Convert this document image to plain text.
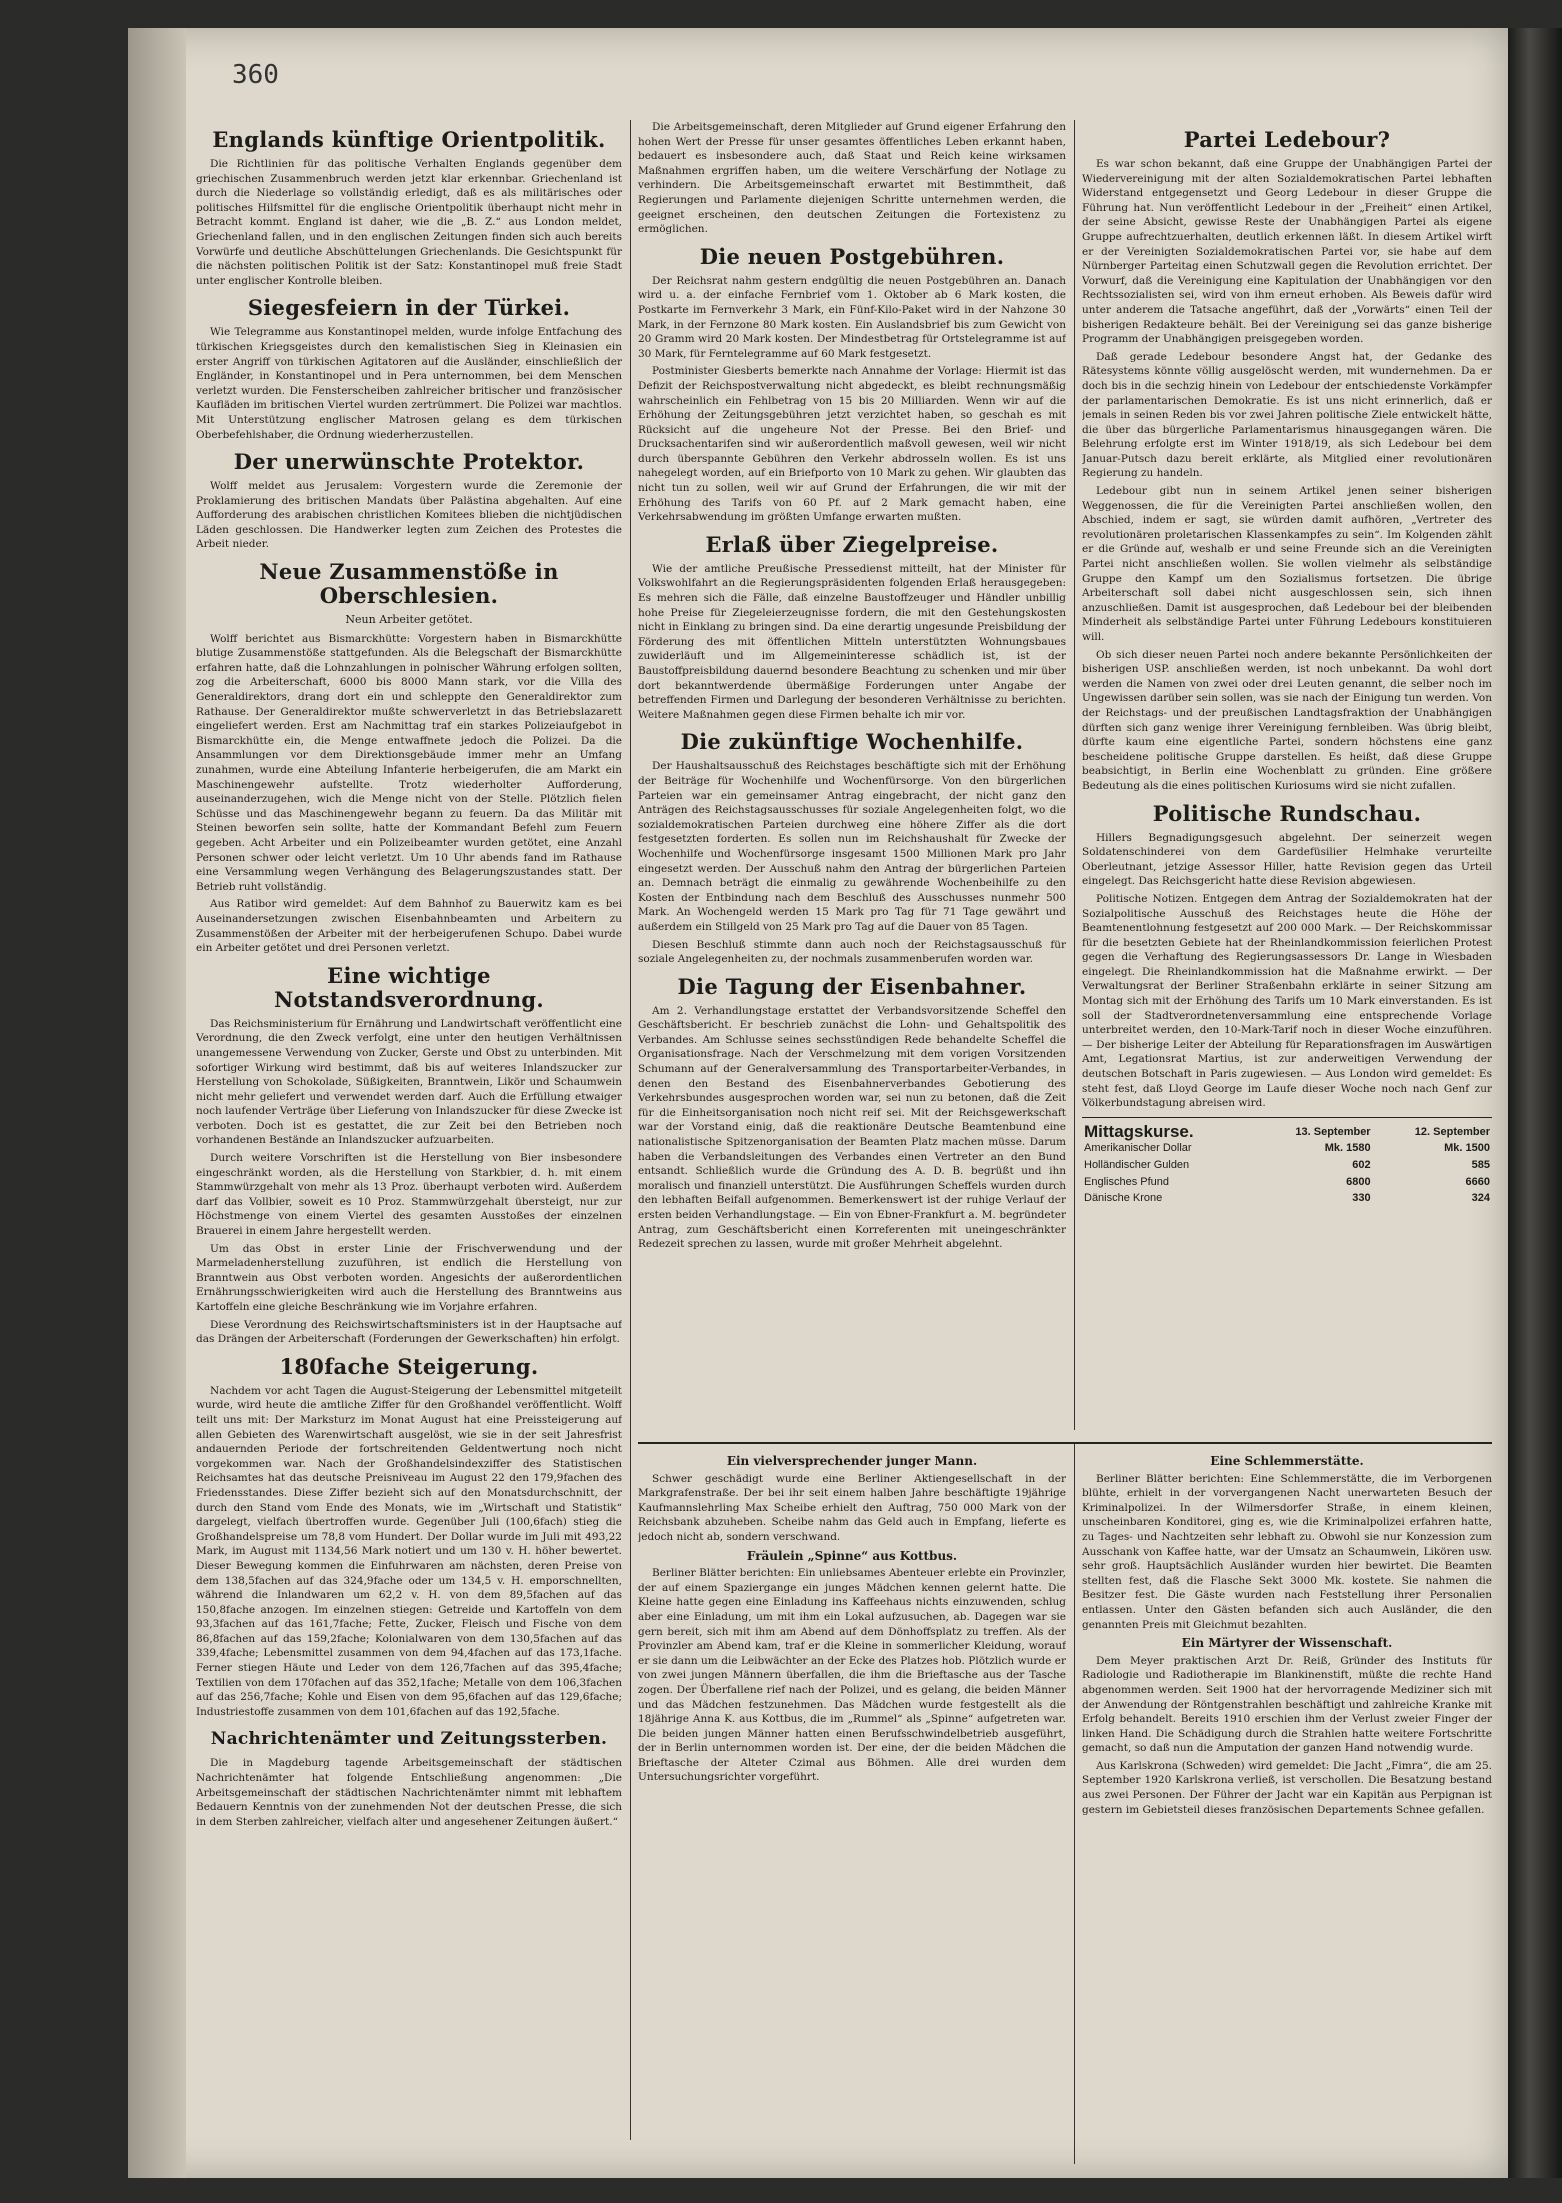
360
Englands künftige Orientpolitik.

Die Richtlinien für das politische Verhalten Englands gegenüber dem griechischen Zusammenbruch werden jetzt klar erkennbar. Griechenland ist durch die Niederlage so vollständig erledigt, daß es als militärisches oder politisches Hilfsmittel für die englische Orientpolitik überhaupt nicht mehr in Betracht kommt. England ist daher, wie die „B. Z.“ aus London meldet, Griechenland fallen, und in den englischen Zeitungen finden sich auch bereits Vorwürfe und deutliche Abschüttelungen Griechenlands. Die Gesichtspunkt für die nächsten politischen Politik ist der Satz: Konstantinopel muß freie Stadt unter englischer Kontrolle bleiben.

Siegesfeiern in der Türkei.

Wie Telegramme aus Konstantinopel melden, wurde infolge Entfachung des türkischen Kriegsgeistes durch den kemalistischen Sieg in Kleinasien ein erster Angriff von türkischen Agitatoren auf die Ausländer, einschließlich der Engländer, in Konstantinopel und in Pera unternommen, bei dem Menschen verletzt wurden. Die Fensterscheiben zahlreicher britischer und französischer Kaufläden im britischen Viertel wurden zertrümmert. Die Polizei war machtlos. Mit Unterstützung englischer Matrosen gelang es dem türkischen Oberbefehlshaber, die Ordnung wiederherzustellen.

Der unerwünschte Protektor.

Wolff meldet aus Jerusalem: Vorgestern wurde die Zeremonie der Proklamierung des britischen Mandats über Palästina abgehalten. Auf eine Aufforderung des arabischen christlichen Komitees blieben die nichtjüdischen Läden geschlossen. Die Handwerker legten zum Zeichen des Protestes die Arbeit nieder.

Neue Zusammenstöße in Oberschlesien.
Neun Arbeiter getötet.

Wolff berichtet aus Bismarckhütte: Vorgestern haben in Bismarckhütte blutige Zusammenstöße stattgefunden. Als die Belegschaft der Bismarckhütte erfahren hatte, daß die Lohnzahlungen in polnischer Währung erfolgen sollten, zog die Arbeiterschaft, 6000 bis 8000 Mann stark, vor die Villa des Generaldirektors, drang dort ein und schleppte den Generaldirektor zum Rathause. Der Generaldirektor mußte schwerverletzt in das Betriebslazarett eingeliefert werden. Erst am Nachmittag traf ein starkes Polizeiaufgebot in Bismarckhütte ein, die Menge entwaffnete jedoch die Polizei. Da die Ansammlungen vor dem Direktionsgebäude immer mehr an Umfang zunahmen, wurde eine Abteilung Infanterie herbeigerufen, die am Markt ein Maschinengewehr aufstellte. Trotz wiederholter Aufforderung, auseinanderzugehen, wich die Menge nicht von der Stelle. Plötzlich fielen Schüsse und das Maschinengewehr begann zu feuern. Da das Militär mit Steinen beworfen sein sollte, hatte der Kommandant Befehl zum Feuern gegeben. Acht Arbeiter und ein Polizeibeamter wurden getötet, eine Anzahl Personen schwer oder leicht verletzt. Um 10 Uhr abends fand im Rathause eine Versammlung wegen Verhängung des Belagerungszustandes statt. Der Betrieb ruht vollständig.

Aus Ratibor wird gemeldet: Auf dem Bahnhof zu Bauerwitz kam es bei Auseinandersetzungen zwischen Eisenbahnbeamten und Arbeitern zu Zusammenstößen der Arbeiter mit der herbeigerufenen Schupo. Dabei wurde ein Arbeiter getötet und drei Personen verletzt.

Eine wichtige Notstandsverordnung.

Das Reichsministerium für Ernährung und Landwirtschaft veröffentlicht eine Verordnung, die den Zweck verfolgt, eine unter den heutigen Verhältnissen unangemessene Verwendung von Zucker, Gerste und Obst zu unterbinden. Mit sofortiger Wirkung wird bestimmt, daß bis auf weiteres Inlandszucker zur Herstellung von Schokolade, Süßigkeiten, Branntwein, Likör und Schaumwein nicht mehr geliefert und verwendet werden darf. Auch die Erfüllung etwaiger noch laufender Verträge über Lieferung von Inlandszucker für diese Zwecke ist verboten. Doch ist es gestattet, die zur Zeit bei den Betrieben noch vorhandenen Bestände an Inlandszucker aufzuarbeiten.

Durch weitere Vorschriften ist die Herstellung von Bier insbesondere eingeschränkt worden, als die Herstellung von Starkbier, d. h. mit einem Stammwürzgehalt von mehr als 13 Proz. überhaupt verboten wird. Außerdem darf das Vollbier, soweit es 10 Proz. Stammwürzgehalt übersteigt, nur zur Höchstmenge von einem Viertel des gesamten Ausstoßes der einzelnen Brauerei in einem Jahre hergestellt werden.

Um das Obst in erster Linie der Frischverwendung und der Marmeladenherstellung zuzuführen, ist endlich die Herstellung von Branntwein aus Obst verboten worden. Angesichts der außerordentlichen Ernährungsschwierigkeiten wird auch die Herstellung des Branntweins aus Kartoffeln eine gleiche Beschränkung wie im Vorjahre erfahren.

Diese Verordnung des Reichswirtschaftsministers ist in der Hauptsache auf das Drängen der Arbeiterschaft (Forderungen der Gewerkschaften) hin erfolgt.

180fache Steigerung.

Nachdem vor acht Tagen die August-Steigerung der Lebensmittel mitgeteilt wurde, wird heute die amtliche Ziffer für den Großhandel veröffentlicht. Wolff teilt uns mit: Der Marksturz im Monat August hat eine Preissteigerung auf allen Gebieten des Warenwirtschaft ausgelöst, wie sie in der seit Jahresfrist andauernden Periode der fortschreitenden Geldentwertung noch nicht vorgekommen war. Nach der Großhandelsindexziffer des Statistischen Reichsamtes hat das deutsche Preisniveau im August 22 den 179,9fachen des Friedensstandes. Diese Ziffer bezieht sich auf den Monatsdurchschnitt, der durch den Stand vom Ende des Monats, wie im „Wirtschaft und Statistik“ dargelegt, vielfach übertroffen wurde. Gegenüber Juli (100,6fach) stieg die Großhandelspreise um 78,8 vom Hundert. Der Dollar wurde im Juli mit 493,22 Mark, im August mit 1134,56 Mark notiert und um 130 v. H. höher bewertet. Dieser Bewegung kommen die Einfuhrwaren am nächsten, deren Preise von dem 138,5fachen auf das 324,9fache oder um 134,5 v. H. emporschnellten, während die Inlandwaren um 62,2 v. H. von dem 89,5fachen auf das 150,8fache anzogen. Im einzelnen stiegen: Getreide und Kartoffeln von dem 93,3fachen auf das 161,7fache; Fette, Zucker, Fleisch und Fische von dem 86,8fachen auf das 159,2fache; Kolonialwaren von dem 130,5fachen auf das 339,4fache; Lebensmittel zusammen von dem 94,4fachen auf das 173,1fache. Ferner stiegen Häute und Leder von dem 126,7fachen auf das 395,4fache; Textilien von dem 170fachen auf das 352,1fache; Metalle von dem 106,3fachen auf das 256,7fache; Kohle und Eisen von dem 95,6fachen auf das 129,6fache; Industriestoffe zusammen von dem 101,6fachen auf das 192,5fache.

Nachrichtenämter und Zeitungssterben.

Die in Magdeburg tagende Arbeitsgemeinschaft der städtischen Nachrichtenämter hat folgende Entschließung angenommen: „Die Arbeitsgemeinschaft der städtischen Nachrichtenämter nimmt mit lebhaftem Bedauern Kenntnis von der zunehmenden Not der deutschen Presse, die sich in dem Sterben zahlreicher, vielfach alter und angesehener Zeitungen äußert.“

Die Arbeitsgemeinschaft, deren Mitglieder auf Grund eigener Erfahrung den hohen Wert der Presse für unser gesamtes öffentliches Leben erkannt haben, bedauert es insbesondere auch, daß Staat und Reich keine wirksamen Maßnahmen ergriffen haben, um die weitere Verschärfung der Notlage zu verhindern. Die Arbeitsgemeinschaft erwartet mit Bestimmtheit, daß Regierungen und Parlamente diejenigen Schritte unternehmen werden, die geeignet erscheinen, den deutschen Zeitungen die Fortexistenz zu ermöglichen.

Die neuen Postgebühren.

Der Reichsrat nahm gestern endgültig die neuen Postgebühren an. Danach wird u. a. der einfache Fernbrief vom 1. Oktober ab 6 Mark kosten, die Postkarte im Fernverkehr 3 Mark, ein Fünf-Kilo-Paket wird in der Nahzone 30 Mark, in der Fernzone 80 Mark kosten. Ein Auslandsbrief bis zum Gewicht von 20 Gramm wird 20 Mark kosten. Der Mindestbetrag für Ortstelegramme ist auf 30 Mark, für Ferntelegramme auf 60 Mark festgesetzt.

Postminister Giesberts bemerkte nach Annahme der Vorlage: Hiermit ist das Defizit der Reichspostverwaltung nicht abgedeckt, es bleibt rechnungsmäßig wahrscheinlich ein Fehlbetrag von 15 bis 20 Milliarden. Wenn wir auf die Erhöhung der Zeitungsgebühren jetzt verzichtet haben, so geschah es mit Rücksicht auf die ungeheure Not der Presse. Bei den Brief- und Drucksachentarifen sind wir außerordentlich maßvoll gewesen, weil wir nicht durch überspannte Gebühren den Verkehr abdrosseln wollen. Es ist uns nahegelegt worden, auf ein Briefporto von 10 Mark zu gehen. Wir glaubten das nicht tun zu sollen, weil wir auf Grund der Erfahrungen, die wir mit der Erhöhung des Tarifs von 60 Pf. auf 2 Mark gemacht haben, eine Verkehrsabwendung im größten Umfange erwarten mußten.

Erlaß über Ziegelpreise.

Wie der amtliche Preußische Pressedienst mitteilt, hat der Minister für Volkswohlfahrt an die Regierungspräsidenten folgenden Erlaß herausgegeben: Es mehren sich die Fälle, daß einzelne Baustoffzeuger und Händler unbillig hohe Preise für Ziegeleierzeugnisse fordern, die mit den Gestehungskosten nicht in Einklang zu bringen sind. Da eine derartig ungesunde Preisbildung der Förderung des mit öffentlichen Mitteln unterstützten Wohnungsbaues zuwiderläuft und im Allgemeininteresse schädlich ist, ist der Baustoffpreisbildung dauernd besondere Beachtung zu schenken und mir über dort bekanntwerdende übermäßige Forderungen unter Angabe der betreffenden Firmen und Darlegung der besonderen Verhältnisse zu berichten. Weitere Maßnahmen gegen diese Firmen behalte ich mir vor.

Die zukünftige Wochenhilfe.

Der Haushaltsausschuß des Reichstages beschäftigte sich mit der Erhöhung der Beiträge für Wochenhilfe und Wochenfürsorge. Von den bürgerlichen Parteien war ein gemeinsamer Antrag eingebracht, der nicht ganz den Anträgen des Reichstagsausschusses für soziale Angelegenheiten folgt, wo die sozialdemokratischen Parteien durchweg eine höhere Ziffer als die dort festgesetzten forderten. Es sollen nun im Reichshaushalt für Zwecke der Wochenhilfe und Wochenfürsorge insgesamt 1500 Millionen Mark pro Jahr eingesetzt werden. Der Ausschuß nahm den Antrag der bürgerlichen Parteien an. Demnach beträgt die einmalig zu gewährende Wochenbeihilfe zu den Kosten der Entbindung nach dem Beschluß des Ausschusses nunmehr 500 Mark. An Wochengeld werden 15 Mark pro Tag für 71 Tage gewährt und außerdem ein Stillgeld von 25 Mark pro Tag auf die Dauer von 85 Tagen.

Diesen Beschluß stimmte dann auch noch der Reichstagsausschuß für soziale Angelegenheiten zu, der nochmals zusammenberufen worden war.

Die Tagung der Eisenbahner.

Am 2. Verhandlungstage erstattet der Verbandsvorsitzende Scheffel den Geschäftsbericht. Er beschrieb zunächst die Lohn- und Gehaltspolitik des Verbandes. Am Schlusse seines sechsstündigen Rede behandelte Scheffel die Organisationsfrage. Nach der Verschmelzung mit dem vorigen Vorsitzenden Schumann auf der Generalversammlung des Transportarbeiter-Verbandes, in denen den Bestand des Eisenbahnerverbandes Gebotierung des Verkehrsbundes ausgesprochen worden war, sei nun zu betonen, daß die Zeit für die Einheitsorganisation noch nicht reif sei. Mit der Reichsgewerkschaft war der Vorstand einig, daß die reaktionäre Deutsche Beamtenbund eine nationalistische Spitzenorganisation der Beamten Platz machen müsse. Darum haben die Verbandsleitungen des Verbandes einen Vertreter an den Bund entsandt. Schließlich wurde die Gründung des A. D. B. begrüßt und ihn moralisch und finanziell unterstützt. Die Ausführungen Scheffels wurden durch den lebhaften Beifall aufgenommen. Bemerkenswert ist der ruhige Verlauf der ersten beiden Verhandlungstage. — Ein von Ebner-Frankfurt a. M. begründeter Antrag, zum Geschäftsbericht einen Korreferenten mit uneingeschränkter Redezeit sprechen zu lassen, wurde mit großer Mehrheit abgelehnt.

Partei Ledebour?

Es war schon bekannt, daß eine Gruppe der Unabhängigen Partei der Wiedervereinigung mit der alten Sozialdemokratischen Partei lebhaften Widerstand entgegensetzt und Georg Ledebour in dieser Gruppe die Führung hat. Nun veröffentlicht Ledebour in der „Freiheit“ einen Artikel, der seine Absicht, gewisse Reste der Unabhängigen Partei als eigene Gruppe aufrechtzuerhalten, deutlich erkennen läßt. In diesem Artikel wirft er der Vereinigten Sozialdemokratischen Partei vor, sie habe auf dem Nürnberger Parteitag einen Schutzwall gegen die Revolution errichtet. Der Vorwurf, daß die Vereinigung eine Kapitulation der Unabhängigen vor den Rechtssozialisten sei, wird von ihm erneut erhoben. Als Beweis dafür wird unter anderem die Tatsache angeführt, daß der „Vorwärts“ einen Teil der bisherigen Redakteure behält. Bei der Vereinigung sei das ganze bisherige Programm der Unabhängigen preisgegeben worden.

Daß gerade Ledebour besondere Angst hat, der Gedanke des Rätesystems könnte völlig ausgelöscht werden, mit wundernehmen. Da er doch bis in die sechzig hinein von Ledebour der entschiedenste Vorkämpfer der parlamentarischen Demokratie. Es ist uns nicht erinnerlich, daß er jemals in seinen Reden bis vor zwei Jahren politische Ziele entwickelt hätte, die über das bürgerliche Parlamentarismus hinausgegangen wären. Die Belehrung erfolgte erst im Winter 1918/19, als sich Ledebour bei dem Januar-Putsch dazu bereit erklärte, als Mitglied einer revolutionären Regierung zu handeln.

Ledebour gibt nun in seinem Artikel jenen seiner bisherigen Weggenossen, die für die Vereinigten Partei anschließen wollen, den Abschied, indem er sagt, sie würden damit aufhören, „Vertreter des revolutionären proletarischen Klassenkampfes zu sein“. Im Kolgenden zählt er die Gründe auf, weshalb er und seine Freunde sich an die Vereinigten Partei nicht anschließen wollen. Sie wollen vielmehr als selbständige Gruppe den Kampf um den Sozialismus fortsetzen. Die übrige Arbeiterschaft soll dabei nicht ausgeschlossen sein, sich ihnen anzuschließen. Damit ist ausgesprochen, daß Ledebour bei der bleibenden Minderheit als selbständige Partei unter Führung Ledebours konstituieren will.

Ob sich dieser neuen Partei noch andere bekannte Persönlichkeiten der bisherigen USP. anschließen werden, ist noch unbekannt. Da wohl dort werden die Namen von zwei oder drei Leuten genannt, die selber noch im Ungewissen darüber sein sollen, was sie nach der Einigung tun werden. Von der Reichstags- und der preußischen Landtagsfraktion der Unabhängigen dürften sich ganz wenige ihrer Vereinigung fernbleiben. Was übrig bleibt, dürfte kaum eine eigentliche Partei, sondern höchstens eine ganz bescheidene politische Gruppe darstellen. Es heißt, daß diese Gruppe beabsichtigt, in Berlin eine Wochenblatt zu gründen. Eine größere Bedeutung als die eines politischen Kuriosums wird sie nicht zufallen.

Politische Rundschau.

Hillers Begnadigungsgesuch abgelehnt. Der seinerzeit wegen Soldatenschinderei von dem Gardefüsilier Helmhake verurteilte Oberleutnant, jetzige Assessor Hiller, hatte Revision gegen das Urteil eingelegt. Das Reichsgericht hatte diese Revision abgewiesen.

Politische Notizen. Entgegen dem Antrag der Sozialdemokraten hat der Sozialpolitische Ausschuß des Reichstages heute die Höhe der Beamtenentlohnung festgesetzt auf 200 000 Mark. — Der Reichskommissar für die besetzten Gebiete hat der Rheinlandkommission feierlichen Protest gegen die Verhaftung des Regierungsassessors Dr. Lange in Wiesbaden eingelegt. Die Rheinlandkommission hat die Maßnahme erwirkt. — Der Verwaltungsrat der Berliner Straßenbahn erklärte in seiner Sitzung am Montag sich mit der Erhöhung des Tarifs um 10 Mark einverstanden. Es ist soll der Stadtverordnetenversammlung eine entsprechende Vorlage unterbreitet werden, den 10-Mark-Tarif noch in dieser Woche einzuführen. — Der bisherige Leiter der Abteilung für Reparationsfragen im Auswärtigen Amt, Legationsrat Martius, ist zur anderweitigen Verwendung der deutschen Botschaft in Paris zugewiesen. — Aus London wird gemeldet: Es steht fest, daß Lloyd George im Laufe dieser Woche noch nach Genf zur Völkerbundstagung abreisen wird.

Mittagskurse.	13. September	12. September
Amerikanischer Dollar	Mk. 1580	Mk. 1500
Holländischer Gulden	602	585
Englisches Pfund	6800	6660
Dänische Krone	330	324
Ein vielversprechender junger Mann.

Schwer geschädigt wurde eine Berliner Aktiengesellschaft in der Markgrafenstraße. Der bei ihr seit einem halben Jahre beschäftigte 19jährige Kaufmannslehrling Max Scheibe erhielt den Auftrag, 750 000 Mark von der Reichsbank abzuheben. Scheibe nahm das Geld auch in Empfang, lieferte es jedoch nicht ab, sondern verschwand.

Fräulein „Spinne“ aus Kottbus.

Berliner Blätter berichten: Ein unliebsames Abenteuer erlebte ein Provinzler, der auf einem Spaziergange ein junges Mädchen kennen gelernt hatte. Die Kleine hatte gegen eine Einladung ins Kaffeehaus nichts einzuwenden, schlug aber eine Einladung, um mit ihm ein Lokal aufzusuchen, ab. Dagegen war sie gern bereit, sich mit ihm am Abend auf dem Dönhoffsplatz zu treffen. Als der Provinzler am Abend kam, traf er die Kleine in sommerlicher Kleidung, worauf er sie dann um die Leibwächter an der Ecke des Platzes hob. Plötzlich wurde er von zwei jungen Männern überfallen, die ihm die Brieftasche aus der Tasche zogen. Der Überfallene rief nach der Polizei, und es gelang, die beiden Männer und das Mädchen festzunehmen. Das Mädchen wurde festgestellt als die 18jährige Anna K. aus Kottbus, die im „Rummel“ als „Spinne“ aufgetreten war. Die beiden jungen Männer hatten einen Berufsschwindelbetrieb ausgeführt, der in Berlin unternommen worden ist. Der eine, der die beiden Mädchen die Brieftasche der Alteter Czimal aus Böhmen. Alle drei wurden dem Untersuchungsrichter vorgeführt.

Eine Schlemmerstätte.

Berliner Blätter berichten: Eine Schlemmerstätte, die im Verborgenen blühte, erhielt in der vorvergangenen Nacht unerwarteten Besuch der Kriminalpolizei. In der Wilmersdorfer Straße, in einem kleinen, unscheinbaren Konditorei, ging es, wie die Kriminalpolizei erfahren hatte, zu Tages- und Nachtzeiten sehr lebhaft zu. Obwohl sie nur Konzession zum Ausschank von Kaffee hatte, war der Umsatz an Schaumwein, Likören usw. sehr groß. Hauptsächlich Ausländer wurden hier bewirtet. Die Beamten stellten fest, daß die Flasche Sekt 3000 Mk. kostete. Sie nahmen die Besitzer fest. Die Gäste wurden nach Feststellung ihrer Personalien entlassen. Unter den Gästen befanden sich auch Ausländer, die den genannten Preis mit Gleichmut bezahlten.

Ein Märtyrer der Wissenschaft.

Dem Meyer praktischen Arzt Dr. Reiß, Gründer des Instituts für Radiologie und Radiotherapie im Blankinenstift, müßte die rechte Hand abgenommen werden. Seit 1900 hat der hervorragende Mediziner sich mit der Anwendung der Röntgenstrahlen beschäftigt und zahlreiche Kranke mit Erfolg behandelt. Bereits 1910 erschien ihm der Verlust zweier Finger der linken Hand. Die Schädigung durch die Strahlen hatte weitere Fortschritte gemacht, so daß nun die Amputation der ganzen Hand notwendig wurde.

Aus Karlskrona (Schweden) wird gemeldet: Die Jacht „Fimra“, die am 25. September 1920 Karlskrona verließ, ist verschollen. Die Besatzung bestand aus zwei Personen. Der Führer der Jacht war ein Kapitän aus Perpignan ist gestern im Gebietsteil dieses französischen Departements Schnee gefallen.
